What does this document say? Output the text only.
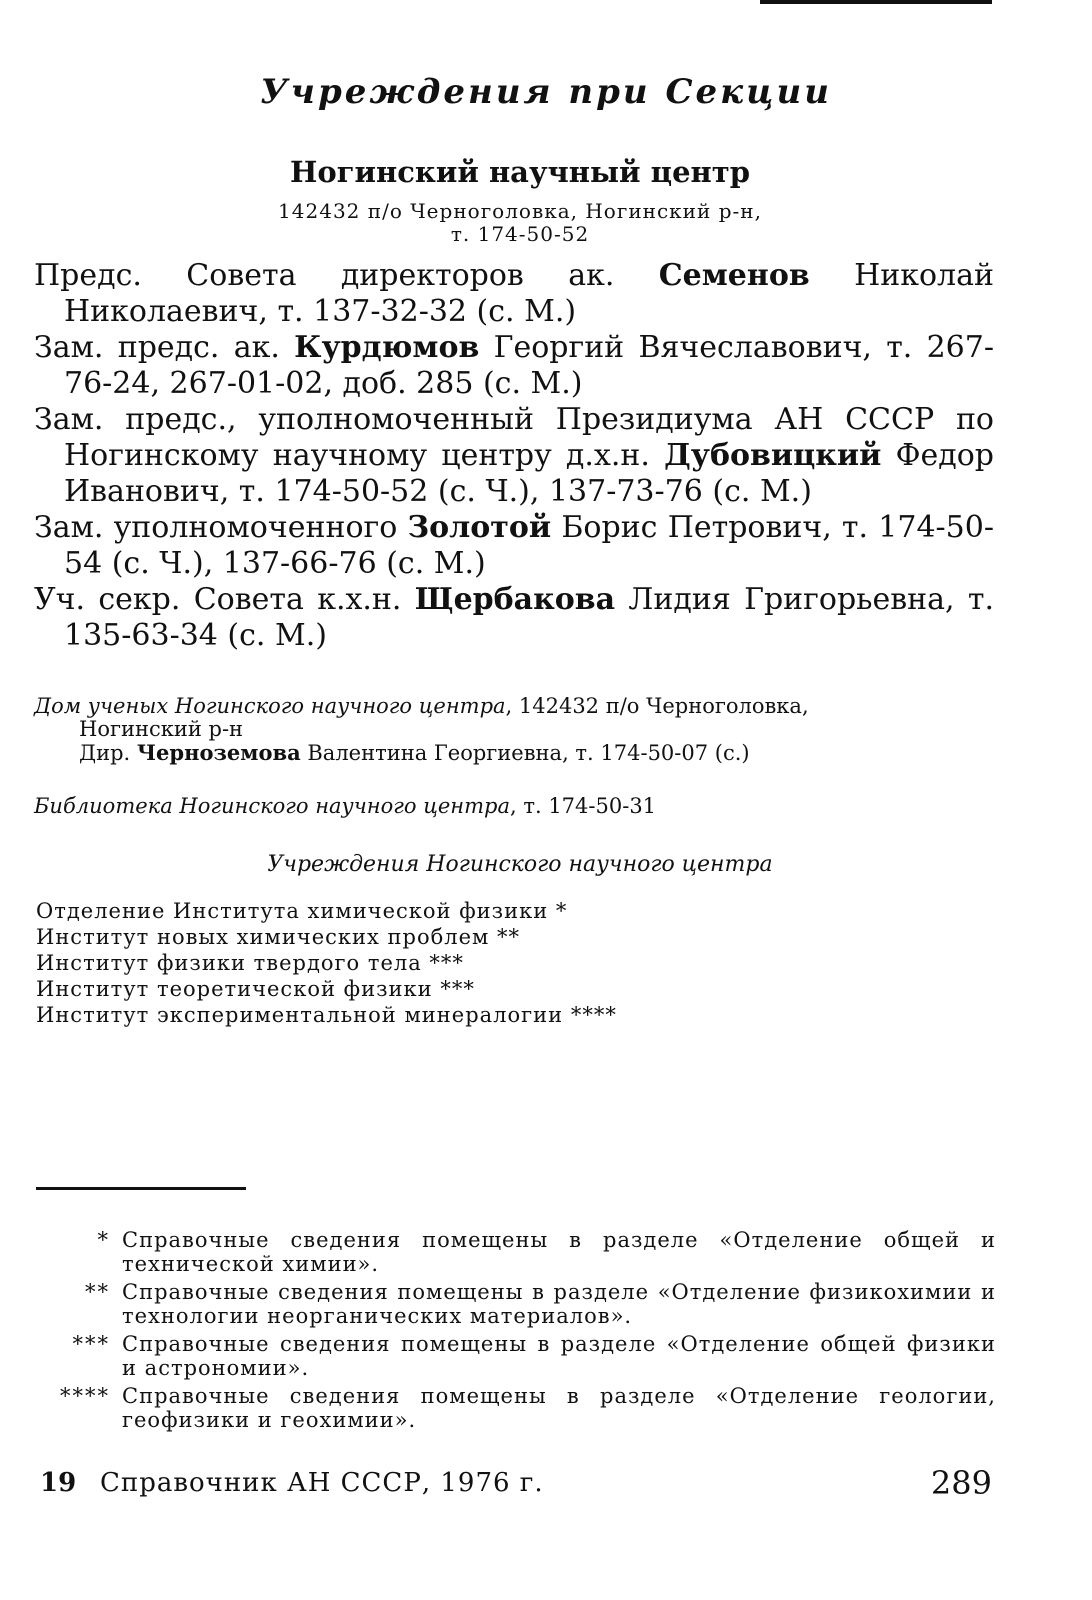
Учреждения при Секции
Ногинский научный центр
142432 п/о Черноголовка, Ногинский р-н,
т. 174-50-52
Предс. Совета директоров ак. Семенов Николай Николаевич, т. 137-32-32 (с. М.)
Зам. предс. ак. Курдюмов Георгий Вячеславович, т. 267-76-24, 267-01-02, доб. 285 (с. М.)
Зам. предс., уполномоченный Президиума АН СССР по Ногинскому научному центру д.х.н. Дубовицкий Федор Иванович, т. 174-50-52 (с. Ч.), 137-73-76 (с. М.)
Зам. уполномоченного Золотой Борис Петрович, т. 174-50-54 (с. Ч.), 137-66-76 (с. М.)
Уч. секр. Совета к.х.н. Щербакова Лидия Григорьевна, т. 135-63-34 (с. М.)
Дом ученых Ногинского научного центра, 142432 п/о Черноголовка,
Ногинский р-н
Дир. Черноземова Валентина Георгиевна, т. 174-50-07 (с.)
Библиотека Ногинского научного центра, т. 174-50-31
Учреждения Ногинского научного центра
Отделение Института химической физики *
Институт новых химических проблем **
Институт физики твердого тела ***
Институт теоретической физики ***
Институт экспериментальной минералогии ****
* Справочные сведения помещены в разделе «Отделение общей и технической химии».
** Справочные сведения помещены в разделе «Отделение физикохимии и технологии неорганических материалов».
*** Справочные сведения помещены в разделе «Отделение общей физики и астрономии».
**** Справочные сведения помещены в разделе «Отделение геологии, геофизики и геохимии».
19 Справочник АН СССР, 1976 г.	289
